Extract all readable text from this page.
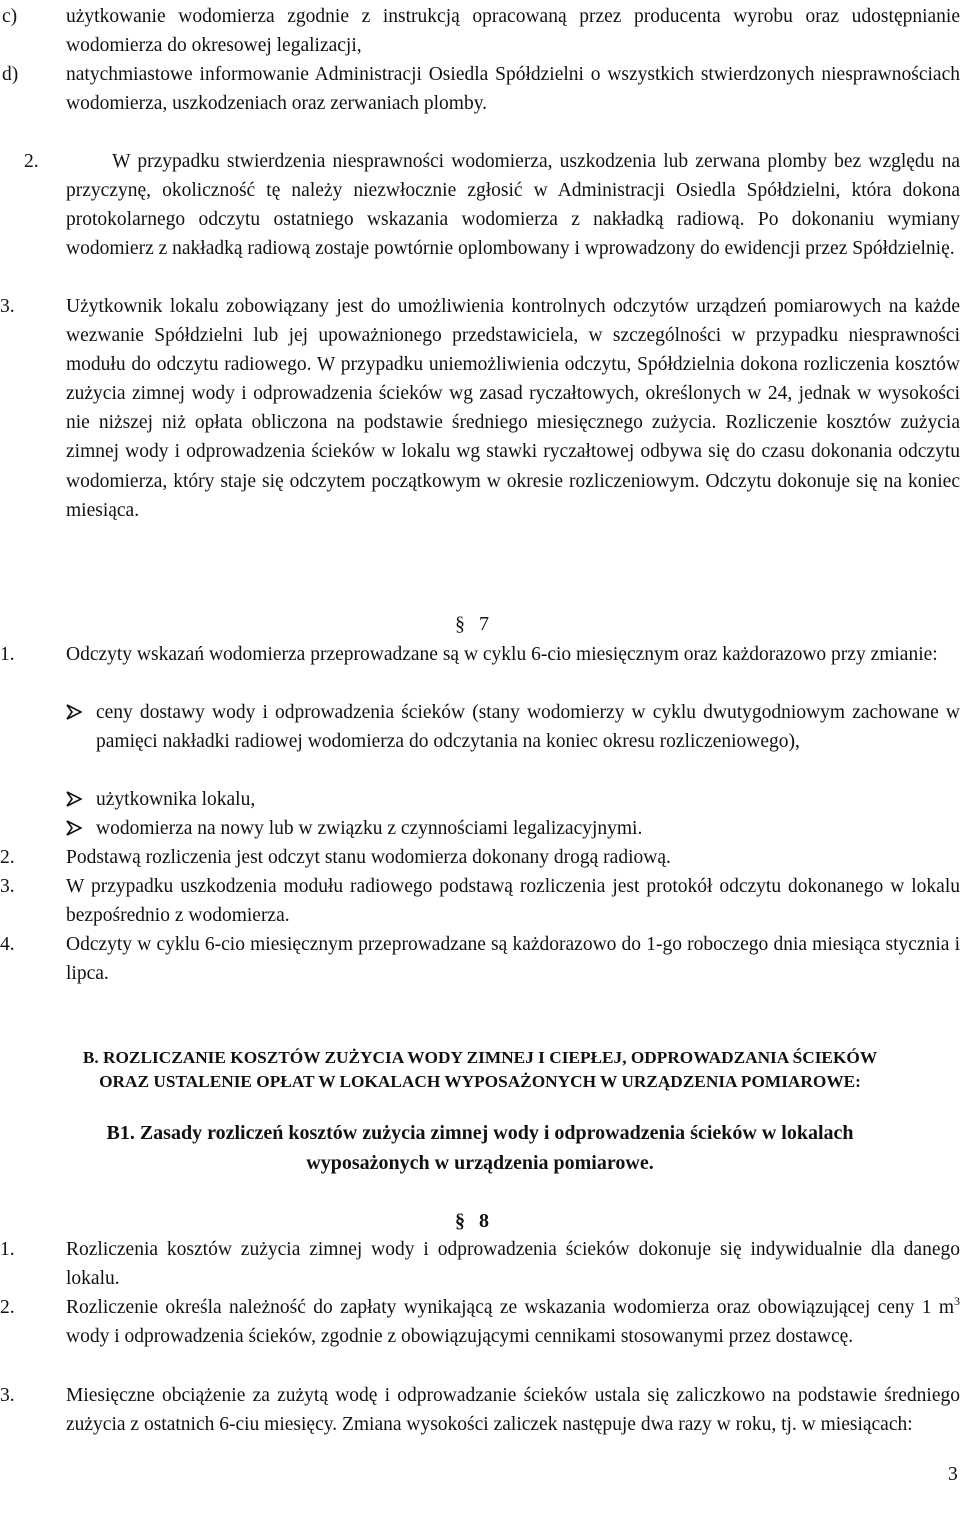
c)	użytkowanie wodomierza zgodnie z instrukcją opracowaną przez producenta wyrobu oraz udostępnianie wodomierza do okresowej legalizacji,

d)	natychmiastowe informowanie Administracji Osiedla Spółdzielni o wszystkich stwierdzonych niesprawnościach wodomierza, uszkodzeniach oraz zerwaniach plomby.

2.	W przypadku stwierdzenia niesprawności wodomierza, uszkodzenia lub zerwana plomby bez względu na przyczynę, okoliczność tę należy niezwłocznie zgłosić w Administracji Osiedla Spółdzielni, która dokona protokolarnego odczytu ostatniego wskazania wodomierza z nakładką radiową. Po dokonaniu wymiany wodomierz z nakładką radiową zostaje powtórnie oplombowany i wprowadzony do ewidencji przez Spółdzielnię.

3.	Użytkownik lokalu zobowiązany jest do umożliwienia kontrolnych odczytów urządzeń pomiarowych na każde wezwanie Spółdzielni lub jej upoważnionego przedstawiciela, w szczególności w przypadku niesprawności modułu do odczytu radiowego. W przypadku uniemożliwienia odczytu, Spółdzielnia dokona rozliczenia kosztów zużycia zimnej wody i odprowadzenia ścieków wg zasad ryczałtowych, określonych w 24, jednak w wysokości nie niższej niż opłata obliczona na podstawie średniego miesięcznego zużycia. Rozliczenie kosztów zużycia zimnej wody i odprowadzenia ścieków w lokalu wg stawki ryczałtowej odbywa się do czasu dokonania odczytu wodomierza, który staje się odczytem początkowym w okresie rozliczeniowym. Odczytu dokonuje się na koniec miesiąca.

§ 7

1.	Odczyty wskazań wodomierza przeprowadzane są w cyklu 6-cio miesięcznym oraz każdorazowo przy zmianie:

ceny dostawy wody i odprowadzenia ścieków (stany wodomierzy w cyklu dwutygodniowym zachowane w pamięci nakładki radiowej wodomierza do odczytania na koniec okresu rozliczeniowego),

użytkownika lokalu,

wodomierza na nowy lub w związku z czynnościami legalizacyjnymi.

2.	Podstawą rozliczenia jest odczyt stanu wodomierza dokonany drogą radiową.

3.	W przypadku uszkodzenia modułu radiowego podstawą rozliczenia jest protokół odczytu dokonanego w lokalu bezpośrednio z wodomierza.

4.	Odczyty w cyklu 6-cio miesięcznym przeprowadzane są każdorazowo do 1-go roboczego dnia miesiąca stycznia i lipca.

B. ROZLICZANIE KOSZTÓW ZUŻYCIA WODY ZIMNEJ I CIEPŁEJ, ODPROWADZANIA ŚCIEKÓW
ORAZ USTALENIE OPŁAT W LOKALACH WYPOSAŻONYCH W URZĄDZENIA POMIAROWE:
B1. Zasady rozliczeń kosztów zużycia zimnej wody i odprowadzenia ścieków w lokalach
wyposażonych w urządzenia pomiarowe.
§ 8

1.	Rozliczenia kosztów zużycia zimnej wody i odprowadzenia ścieków dokonuje się indywidualnie dla danego lokalu.

2.	Rozliczenie określa należność do zapłaty wynikającą ze wskazania wodomierza oraz obowiązującej ceny 1 $m^3$ wody i odprowadzenia ścieków, zgodnie z obowiązującymi cennikami stosowanymi przez dostawcę.

3.	Miesięczne obciążenie za zużytą wodę i odprowadzanie ścieków ustala się zaliczkowo na podstawie średniego zużycia z ostatnich 6-ciu miesięcy. Zmiana wysokości zaliczek następuje dwa razy w roku, tj. w miesiącach:

3
